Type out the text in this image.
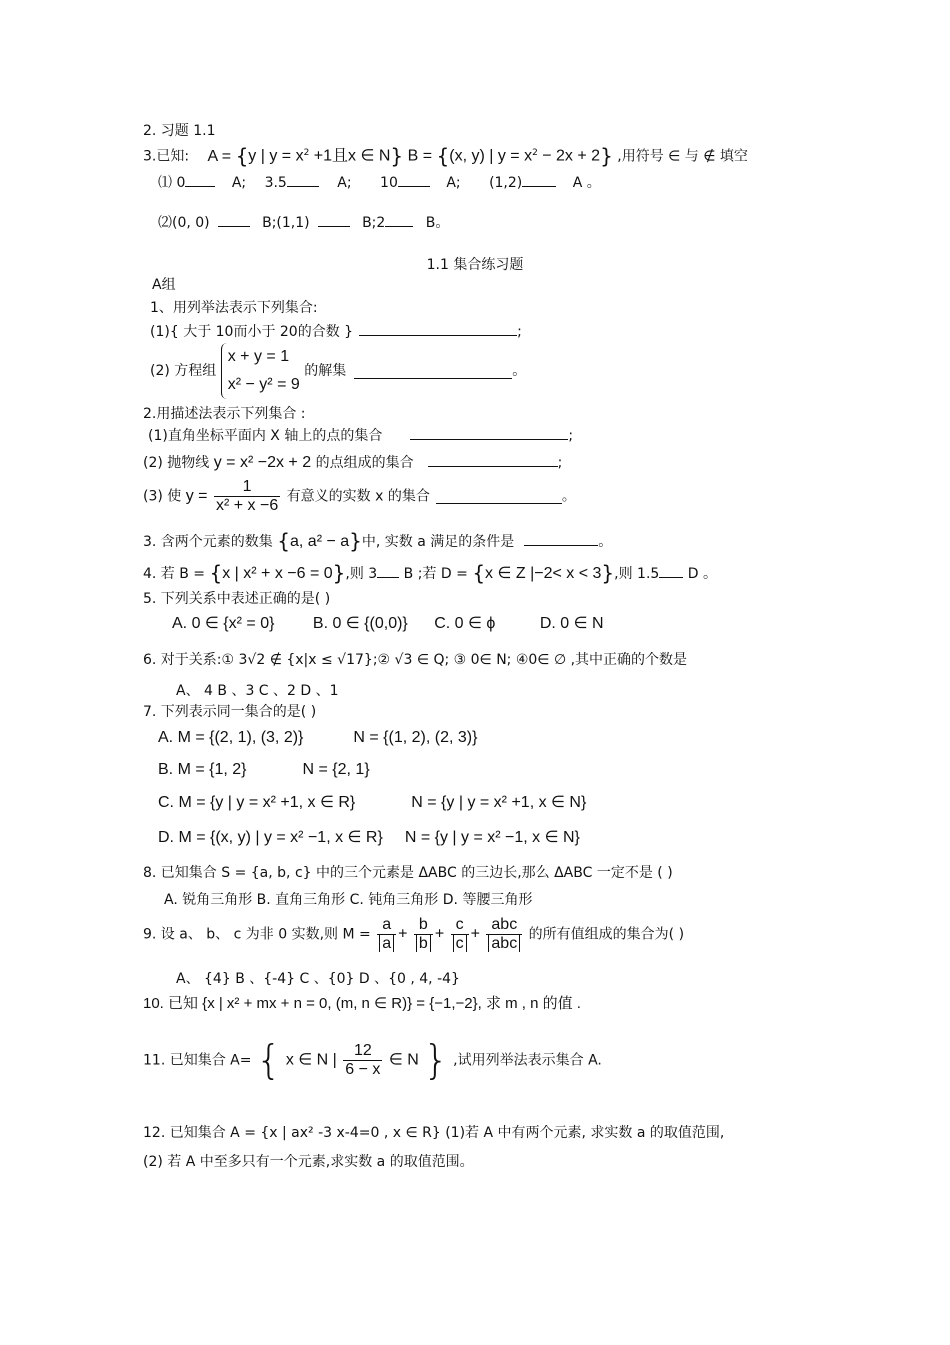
2. 习题 1.1
3.已知: A = {y | $y = x^2 +1$且x ∈ N} B = {(x, y) | $y = x^2 - 2x + 2$} ,用符号 ∈ 与 ∉ 填空
⑴ 0	A; 3.5	A; 10	A; (1,2)	A 。
⑵(0, 0)	B;(1,1)	B;2	B。
1.1 集合练习题
A组
1、用列举法表示下列集合:
(1){ 大于 10而小于 20的合数 }	;
(2) 方程组
x + y = 1
x² − y² = 9
的解集	。
2.用描述法表示下列集合 :
(1)直角坐标平面内 X 轴上的点的集合	;
(2) 抛物线 y = x² −2x + 2 的点组成的集合	;
(3) 使 $y = \frac{1}{\text{x² + x −6}}$ 有意义的实数 x 的集合	。
3. 含两个元素的数集 {a, a² − a}中, 实数 a 满足的条件是	。
4. 若 B = {x | x² + x −6 = 0},则 3 B ;若 D = {x ∈ Z |−2< x < 3},则 1.5 D 。
5. 下列关系中表述正确的是( )
A. 0 ∈ {x² = 0} B. 0 ∈ {(0,0)} C. 0 ∈ ϕ	D. 0 ∈ N
6. 对于关系:① 3√2 ∉ {x|x ≤ √17};② √3 ∈ Q; ③ 0∈ N; ④0∈ ∅ ,其中正确的个数是
A、 4 B 、3 C 、2 D 、1
7. 下列表示同一集合的是( )
A. M = {(2, 1), (3, 2)}	N = {(1, 2), (2, 3)}
B. M = {1, 2}	N = {2, 1}
C. M = {y | y = x² +1, x ∈ R}	N = {y | y = x² +1, x ∈ N}
D. M = {(x, y) | y = x² −1, x ∈ R} N = {y | y = x² −1, x ∈ N}
8. 已知集合 S = {a, b, c} 中的三个元素是 ΔABC 的三边长,那么 ΔABC 一定不是 ( )
A. 锐角三角形 B. 直角三角形 C. 钝角三角形 D. 等腰三角形
9. 设 a、 b、 c 为非 0 实数,则 $M = \frac{a}{a} + \frac{b}{b} + \frac{c}{c} + \frac{\text{abc}}{\text{abc}}$ 的所有值组成的集合为( )
A、 {4} B 、{-4} C 、{0} D 、{0 , 4, -4}
10. 已知 {x | x² + mx + n = 0, (m, n ∈ R)} = {−1,−2}, 求 m , n 的值 .
11. 已知集合 A= { x ∈ N | $\frac{12}{6 - x}$ ∈ N } ,试用列举法表示集合 A.
12. 已知集合 A = {x | ax² -3 x-4=0 , x ∈ R} (1)若 A 中有两个元素, 求实数 a 的取值范围,
(2) 若 A 中至多只有一个元素,求实数 a 的取值范围。
